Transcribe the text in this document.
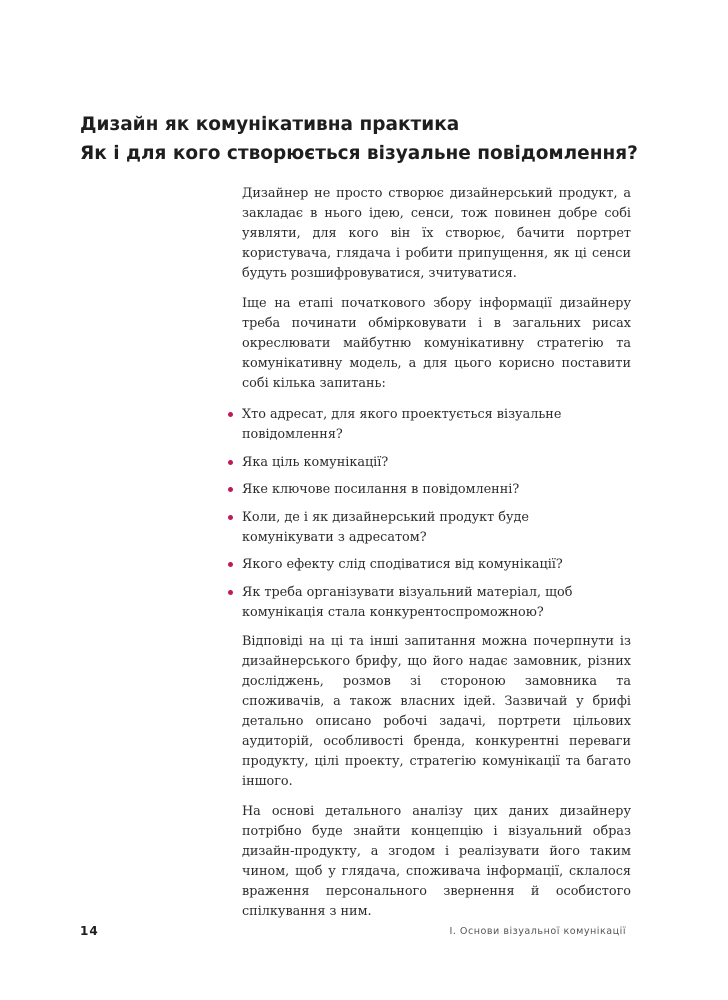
Дизайн як комунікативна практика
Як і для кого створюється візуальне повідомлення?

Дизайнер не просто створює дизайнерський продукт, а закладає в нього ідею, сенси, тож повинен добре собі уявляти, для кого він їх створює, бачити портрет користувача, глядача і робити припущення, як ці сенси будуть розшифровуватися, зчитуватися.

Іще на етапі початкового збору інформації дизайнеру треба починати обмірковувати і в загальних рисах окреслювати майбутню комунікативну стратегію та комунікативну модель, а для цього корисно поставити собі кілька запитань:

Хто адресат, для якого проектується візуальне повідомлення?
Яка ціль комунікації?
Яке ключове посилання в повідомленні?
Коли, де і як дизайнерський продукт буде комунікувати з адресатом?
Якого ефекту слід сподіватися від комунікації?
Як треба організувати візуальний матеріал, щоб комунікація стала конкурентоспроможною?

Відповіді на ці та інші запитання можна почерпнути із дизайнерського брифу, що його надає замовник, різних досліджень, розмов зі стороною замовника та споживачів, а також власних ідей. Зазвичай у брифі детально описано робочі задачі, портрети цільових аудиторій, особливості бренда, конкурентні переваги продукту, цілі проекту, стратегію комунікації та багато іншого.

На основі детального аналізу цих даних дизайнеру потрібно буде знайти концепцію і візуальний образ дизайн-продукту, а згодом і реалізувати його таким чином, щоб у глядача, споживача інформації, склалося враження персонального звернення й особистого спілкування з ним.

14	І. Основи візуальної комунікації
